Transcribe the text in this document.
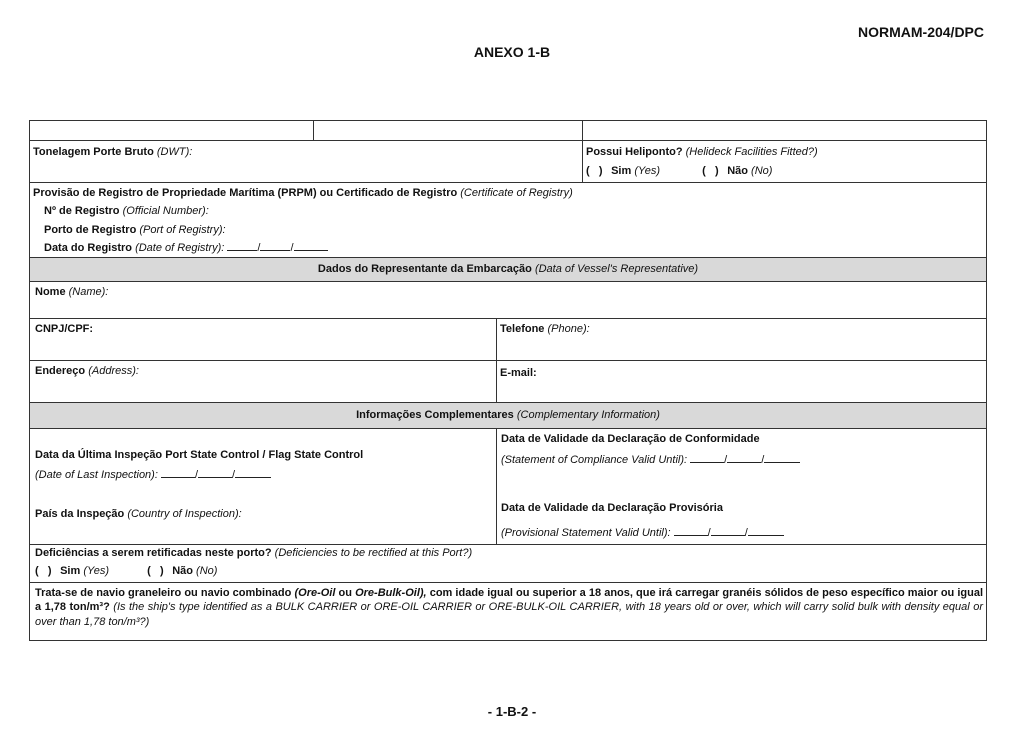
NORMAM-204/DPC
ANEXO 1-B
Tonelagem Porte Bruto (DWT):	Possui Heliponto? (Helideck Facilities Fitted?)
(   ) Sim (Yes)	(   ) Não (No)
Provisão de Registro de Propriedade Marítima (PRPM) ou Certificado de Registro (Certificate of Registry)
Nº de Registro (Official Number):
Porto de Registro (Port of Registry):
Data do Registro (Date of Registry):	/	/
Dados do Representante da Embarcação (Data of Vessel's Representative)
Nome (Name):
CNPJ/CPF:	Telefone (Phone):
Endereço (Address):	E-mail:
Informações Complementares (Complementary Information)
Data da Última Inspeção Port State Control / Flag State Control
(Date of Last Inspection):	/	/
País da Inspeção (Country of Inspection):
Data de Validade da Declaração de Conformidade
(Statement of Compliance Valid Until):	/	/
Data de Validade da Declaração Provisória
(Provisional Statement Valid Until):	/	/
Deficiências a serem retificadas neste porto? (Deficiencies to be rectified at this Port?)
(   ) Sim (Yes)	(   ) Não (No)
Trata-se de navio graneleiro ou navio combinado (Ore-Oil ou Ore-Bulk-Oil), com idade igual ou superior a 18 anos, que irá carregar granéis sólidos de peso específico maior ou igual a 1,78 ton/m³? (Is the ship's type identified as a BULK CARRIER or ORE-OIL CARRIER or ORE-BULK-OIL CARRIER, with 18 years old or over, which will carry solid bulk with density equal or over than 1,78 ton/m³?)
- 1-B-2 -
